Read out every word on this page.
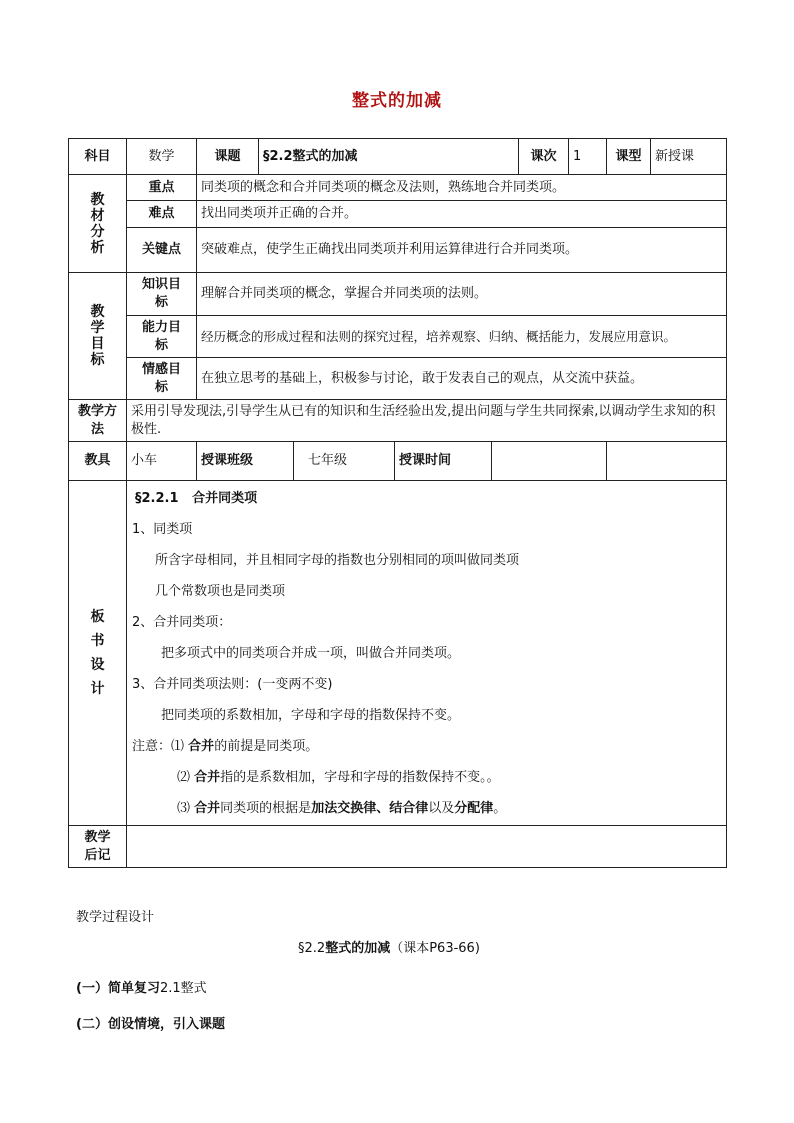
整式的加减
科目	数学	课题	§2.2整式的加减	课次	1	课型	新授课

教
材
分
析
	重点	同类项的概念和合并同类项的概念及法则，熟练地合并同类项。
难点	找出同类项并正确的合并。
关键点	突破难点，使学生正确找出同类项并利用运算律进行合并同类项。

教
学
目
标
	知识目
标	理解合并同类项的概念，掌握合并同类项的法则。
能力目
标	经历概念的形成过程和法则的探究过程，培养观察、归纳、概括能力，发展应用意识。
情感目
标	在独立思考的基础上，积极参与讨论，敢于发表自己的观点，从交流中获益。
教学方
法	采用引导发现法,引导学生从已有的知识和生活经验出发,提出问题与学生共同探索,以调动学生求知的积极性.
教具	小车		授课班级	七年级	授课时间	

板
书
设
计

§2.2.1 合并同类项
1、同类项
所含字母相同，并且相同字母的指数也分别相同的项叫做同类项
几个常数项也是同类项
2、合并同类项：
把多项式中的同类项合并成一项，叫做合并同类项。
3、合并同类项法则：(一变两不变)
把同类项的系数相加，字母和字母的指数保持不变。
注意：⑴ 合并的前提是同类项。
⑵ 合并指的是系数相加，字母和字母的指数保持不变。。
⑶ 合并同类项的根据是加法交换律、结合律以及分配律。

教学
后记	
教学过程设计
§2.2整式的加减（课本P63-66)
(一）简单复习2.1整式
(二）创设情境，引入课题
